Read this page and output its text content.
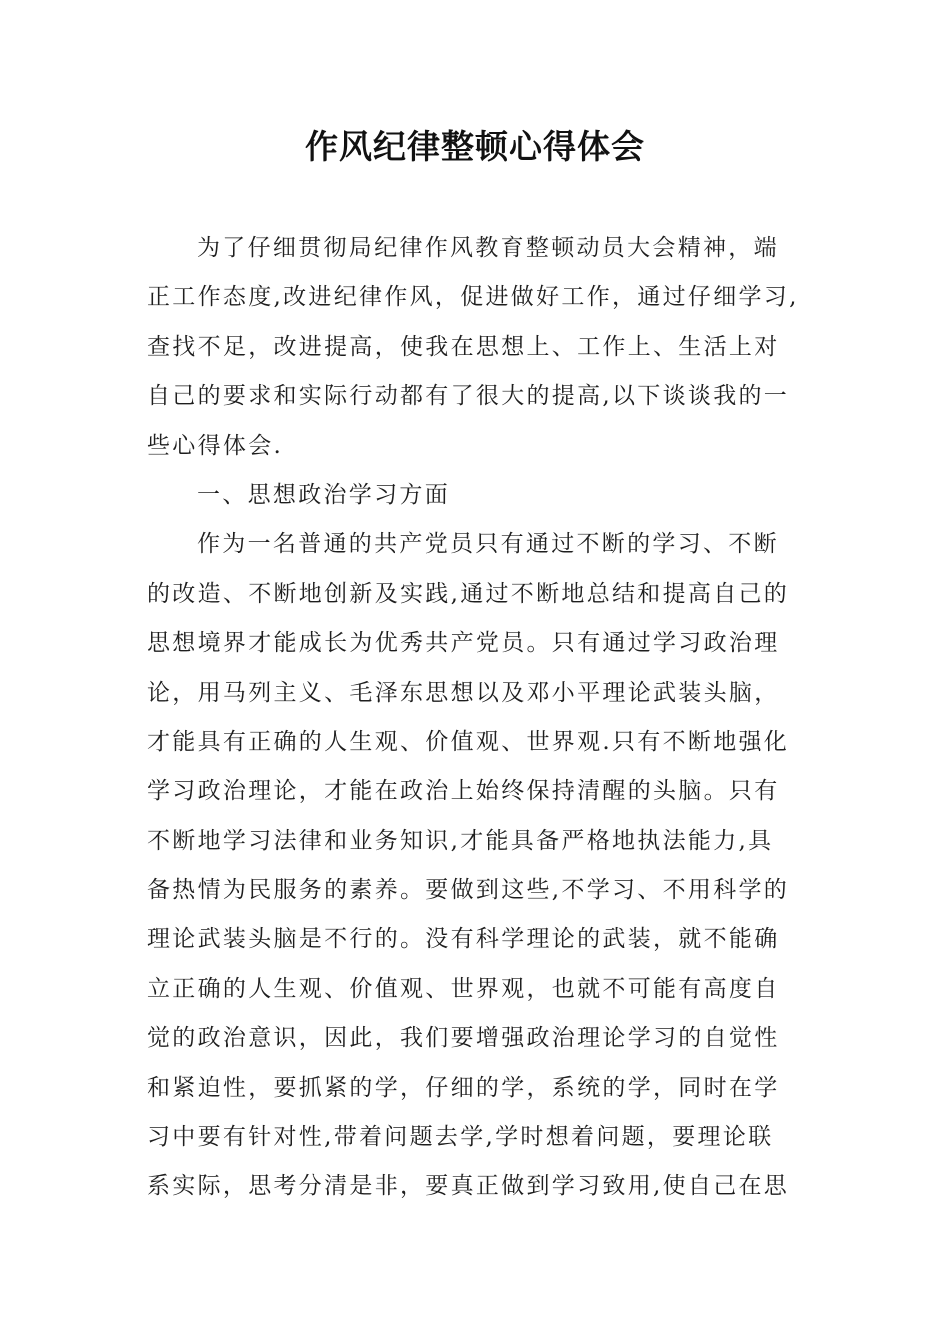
作风纪律整顿心得体会
为了仔细贯彻局纪律作风教育整顿动员大会精神，端
正工作态度,改进纪律作风，促进做好工作，通过仔细学习,
查找不足，改进提高，使我在思想上、工作上、生活上对
自己的要求和实际行动都有了很大的提高,以下谈谈我的一
些心得体会.
一、思想政治学习方面
作为一名普通的共产党员只有通过不断的学习、不断
的改造、不断地创新及实践,通过不断地总结和提高自己的
思想境界才能成长为优秀共产党员。只有通过学习政治理
论，用马列主义、毛泽东思想以及邓小平理论武装头脑，
才能具有正确的人生观、价值观、世界观.只有不断地强化
学习政治理论，才能在政治上始终保持清醒的头脑。只有
不断地学习法律和业务知识,才能具备严格地执法能力,具
备热情为民服务的素养。要做到这些,不学习、不用科学的
理论武装头脑是不行的。没有科学理论的武装，就不能确
立正确的人生观、价值观、世界观，也就不可能有高度自
觉的政治意识，因此，我们要增强政治理论学习的自觉性
和紧迫性，要抓紧的学，仔细的学，系统的学，同时在学
习中要有针对性,带着问题去学,学时想着问题，要理论联
系实际，思考分清是非，要真正做到学习致用,使自己在思
